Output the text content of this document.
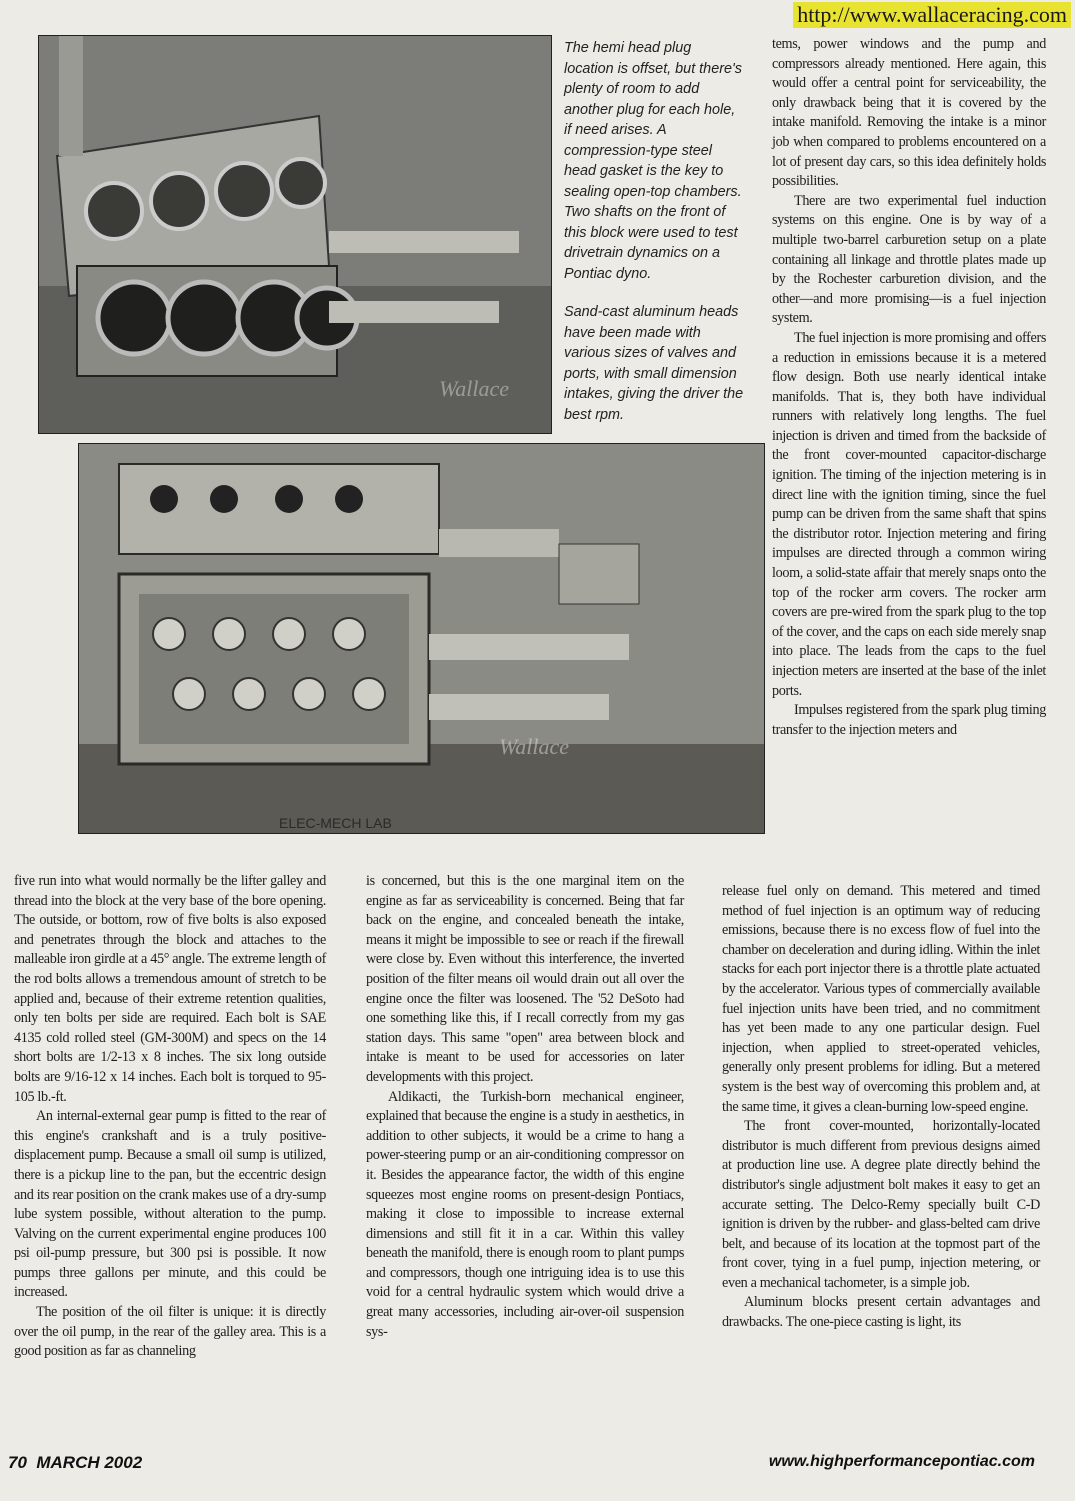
http://www.wallaceracing.com
Wallace

The hemi head plug location is offset, but there's plenty of room to add another plug for each hole, if need arises. A compression-type steel head gasket is the key to sealing open-top chambers. Two shafts on the front of this block were used to test drivetrain dynamics on a Pontiac dyno.

Sand-cast aluminum heads have been made with various sizes of valves and ports, with small dimension intakes, giving the driver the best rpm.

ELEC-MECH LAB
Wallace

tems, power windows and the pump and compressors already mentioned. Here again, this would offer a central point for serviceability, the only drawback being that it is covered by the intake manifold. Removing the intake is a minor job when compared to problems encountered on a lot of present day cars, so this idea definitely holds possibilities.

There are two experimental fuel induction systems on this engine. One is by way of a multiple two-barrel carburetion setup on a plate containing all linkage and throttle plates made up by the Rochester carburetion division, and the other—and more promising—is a fuel injection system.

The fuel injection is more promising and offers a reduction in emissions because it is a metered flow design. Both use nearly identical intake manifolds. That is, they both have individual runners with relatively long lengths. The fuel injection is driven and timed from the backside of the front cover-mounted capacitor-discharge ignition. The timing of the injection metering is in direct line with the ignition timing, since the fuel pump can be driven from the same shaft that spins the distributor rotor. Injection metering and firing impulses are directed through a common wiring loom, a solid-state affair that merely snaps onto the top of the rocker arm covers. The rocker arm covers are pre-wired from the spark plug to the top of the cover, and the caps on each side merely snap into place. The leads from the caps to the fuel injection meters are inserted at the base of the inlet ports.

Impulses registered from the spark plug timing transfer to the injection meters and

five run into what would normally be the lifter galley and thread into the block at the very base of the bore opening. The outside, or bottom, row of five bolts is also exposed and penetrates through the block and attaches to the malleable iron girdle at a 45° angle. The extreme length of the rod bolts allows a tremendous amount of stretch to be applied and, because of their extreme retention qualities, only ten bolts per side are required. Each bolt is SAE 4135 cold rolled steel (GM-300M) and specs on the 14 short bolts are 1/2-13 x 8 inches. The six long outside bolts are 9/16-12 x 14 inches. Each bolt is torqued to 95-105 lb.-ft.

An internal-external gear pump is fitted to the rear of this engine's crankshaft and is a truly positive-displacement pump. Because a small oil sump is utilized, there is a pickup line to the pan, but the eccentric design and its rear position on the crank makes use of a dry-sump lube system possible, without alteration to the pump. Valving on the current experimental engine produces 100 psi oil-pump pressure, but 300 psi is possible. It now pumps three gallons per minute, and this could be increased.

The position of the oil filter is unique: it is directly over the oil pump, in the rear of the galley area. This is a good position as far as channeling

is concerned, but this is the one marginal item on the engine as far as serviceability is concerned. Being that far back on the engine, and concealed beneath the intake, means it might be impossible to see or reach if the firewall were close by. Even without this interference, the inverted position of the filter means oil would drain out all over the engine once the filter was loosened. The '52 DeSoto had one something like this, if I recall correctly from my gas station days. This same "open" area between block and intake is meant to be used for accessories on later developments with this project.

Aldikacti, the Turkish-born mechanical engineer, explained that because the engine is a study in aesthetics, in addition to other subjects, it would be a crime to hang a power-steering pump or an air-conditioning compressor on it. Besides the appearance factor, the width of this engine squeezes most engine rooms on present-design Pontiacs, making it close to impossible to increase external dimensions and still fit it in a car. Within this valley beneath the manifold, there is enough room to plant pumps and compressors, though one intriguing idea is to use this void for a central hydraulic system which would drive a great many accessories, including air-over-oil suspension sys-

release fuel only on demand. This metered and timed method of fuel injection is an optimum way of reducing emissions, because there is no excess flow of fuel into the chamber on deceleration and during idling. Within the inlet stacks for each port injector there is a throttle plate actuated by the accelerator. Various types of commercially available fuel injection units have been tried, and no commitment has yet been made to any one particular design. Fuel injection, when applied to street-operated vehicles, generally only present problems for idling. But a metered system is the best way of overcoming this problem and, at the same time, it gives a clean-burning low-speed engine.

The front cover-mounted, horizontally-located distributor is much different from previous designs aimed at production line use. A degree plate directly behind the distributor's single adjustment bolt makes it easy to get an accurate setting. The Delco-Remy specially built C-D ignition is driven by the rubber- and glass-belted cam drive belt, and because of its location at the topmost part of the front cover, tying in a fuel pump, injection metering, or even a mechanical tachometer, is a simple job.

Aluminum blocks present certain advantages and drawbacks. The one-piece casting is light, its

70  MARCH 2002	www.highperformancepontiac.com
